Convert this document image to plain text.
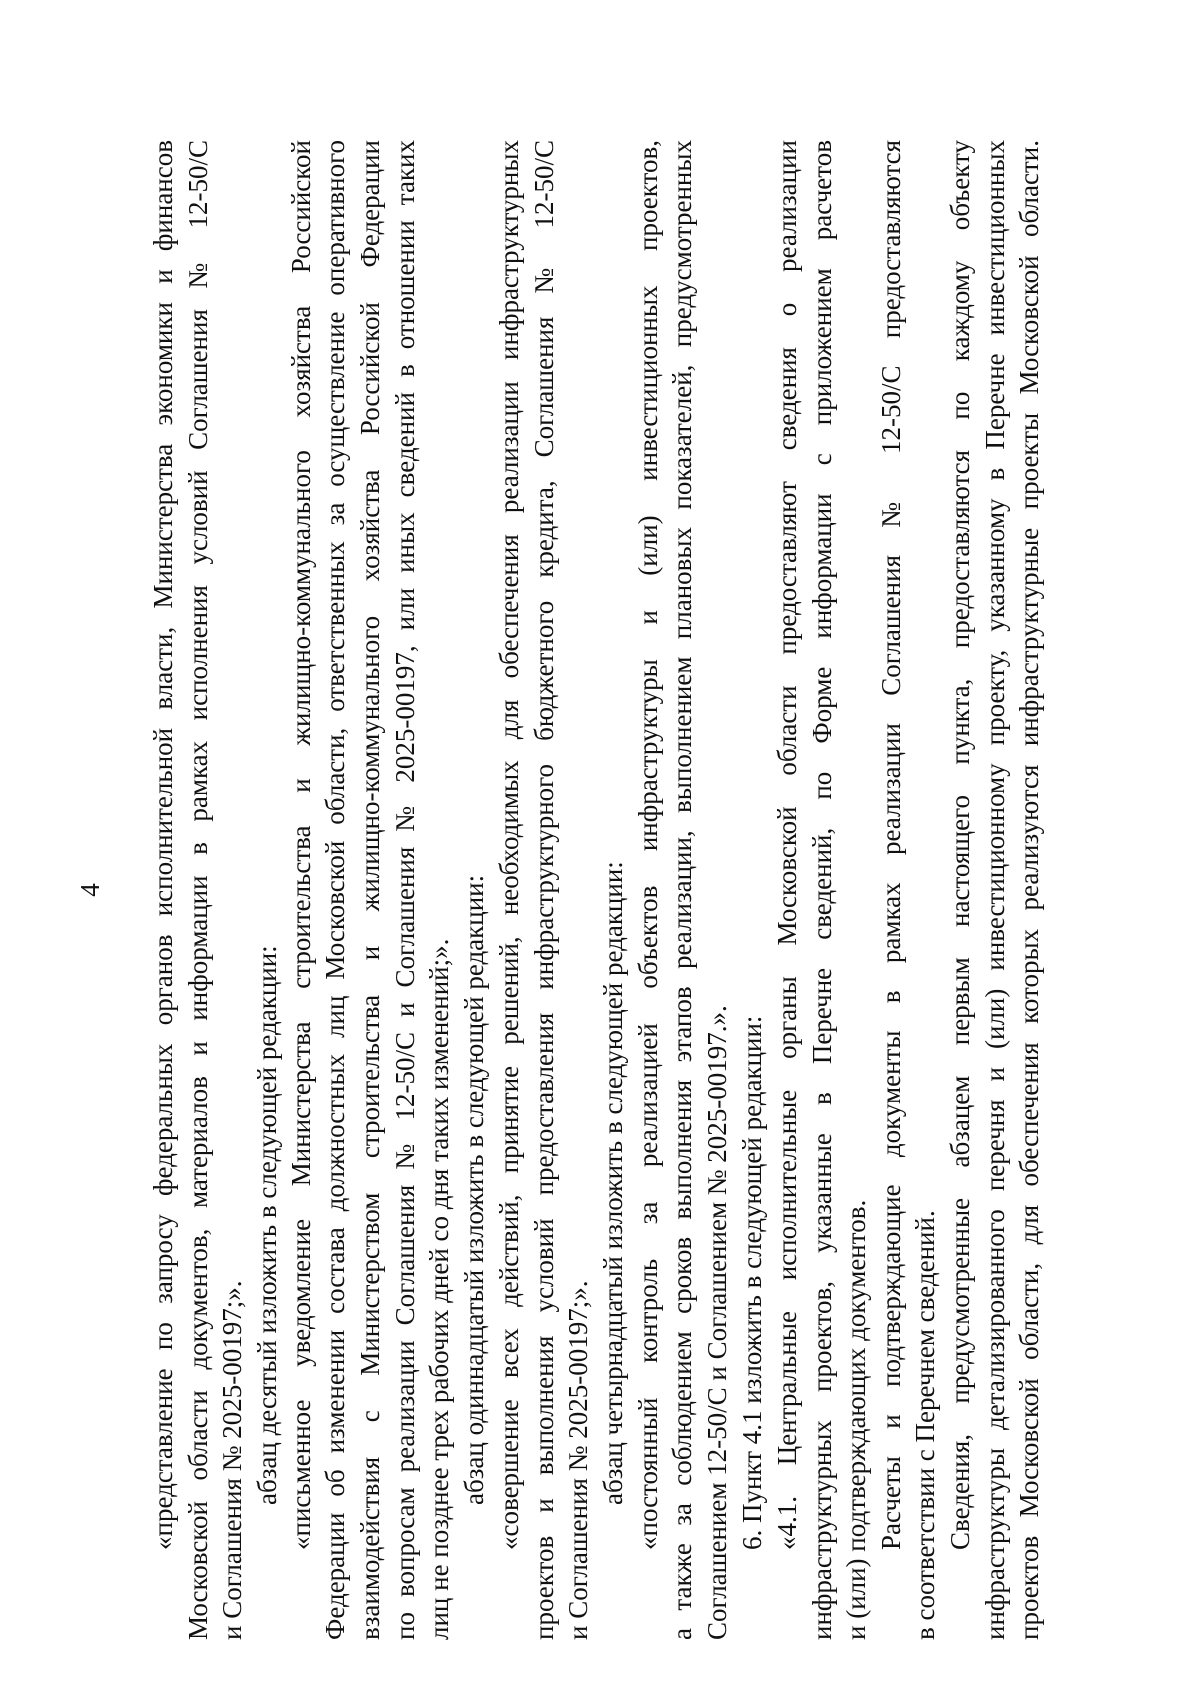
4 «представление по запросу федеральных органов исполнительной власти, Министерства экономики и финансов Московской области документов, материалов и информации в рамках исполнения условий Соглашения № 12-50/С и Соглашения № 2025-00197;». абзац десятый изложить в следующей редакции: «письменное уведомление Министерства строительства и жилищно-коммунального хозяйства Российской Федерации об изменении состава должностных лиц Московской области, ответственных за осуществление оперативного взаимодействия с Министерством строительства и жилищно-коммунального хозяйства Российской Федерации по вопросам реализации Соглашения № 12-50/С и Соглашения № 2025-00197, или иных сведений в отношении таких лиц не позднее трех рабочих дней со дня таких изменений;». абзац одиннадцатый изложить в следующей редакции: «совершение всех действий, принятие решений, необходимых для обеспечения реализации инфраструктурных проектов и выполнения условий предоставления инфраструктурного бюджетного кредита, Соглашения № 12-50/С и Соглашения № 2025-00197;». абзац четырнадцатый изложить в следующей редакции: «постоянный контроль за реализацией объектов инфраструктуры и (или) инвестиционных проектов, а также за соблюдением сроков выполнения этапов реализации, выполнением плановых показателей, предусмотренных Соглашением 12-50/С и Соглашением № 2025-00197.». 6. Пункт 4.1 изложить в следующей редакции: «4.1. Центральные исполнительные органы Московской области предоставляют сведения о реализации инфраструктурных проектов, указанные в Перечне сведений, по Форме информации с приложением расчетов и (или) подтверждающих документов. Расчеты и подтверждающие документы в рамках реализации Соглашения № 12-50/С предоставляются в соответствии с Перечнем сведений. Сведения, предусмотренные абзацем первым настоящего пункта, предоставляются по каждому объекту инфраструктуры детализированного перечня и (или) инвестиционному проекту, указанному в Перечне инвестиционных проектов Московской области, для обеспечения которых реализуются инфраструктурные проекты Московской области.
